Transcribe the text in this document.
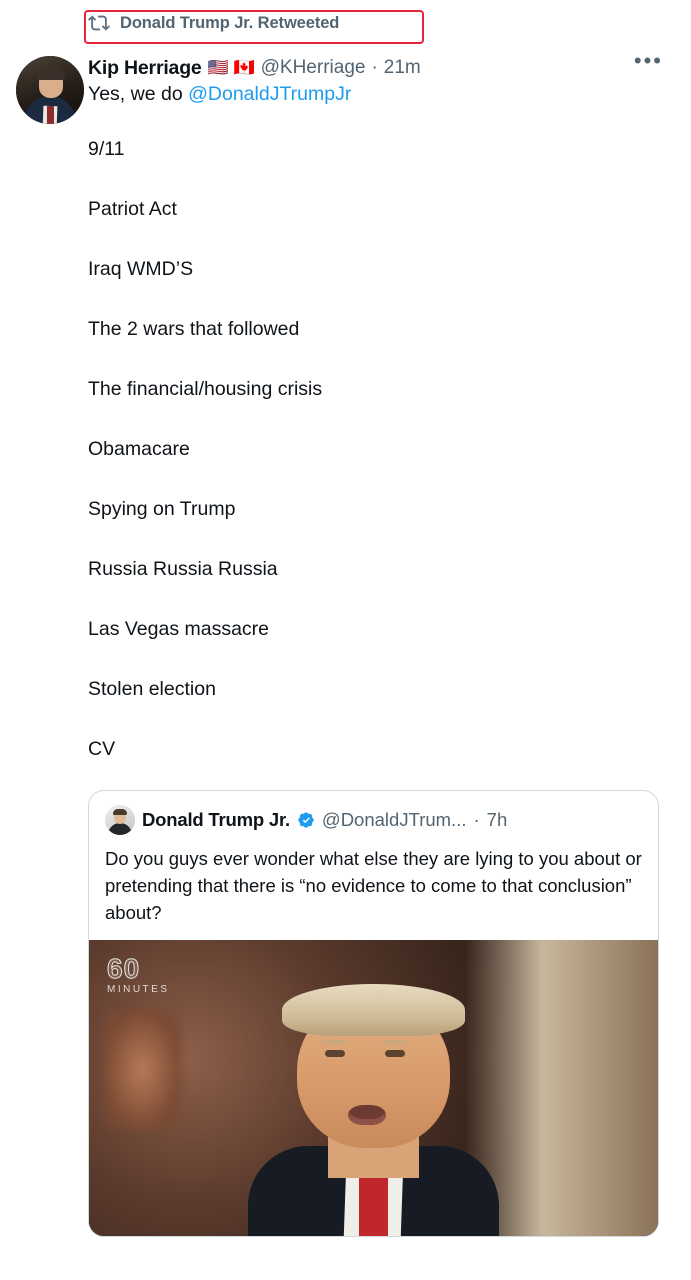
Donald Trump Jr. Retweeted
Kip Herriage 🇺🇸 🇨🇦 @KHerriage · 21m
Yes, we do @DonaldJTrumpJr
•••
9/11
Patriot Act
Iraq WMD’S
The 2 wars that followed
The financial/housing crisis
Obamacare
Spying on Trump
Russia Russia Russia
Las Vegas massacre
Stolen election
CV
Donald Trump Jr. @DonaldJTrum... · 7h
Do you guys ever wonder what else they are lying to you about or pretending that there is “no evidence to come to that conclusion” about?
60
MINUTES
